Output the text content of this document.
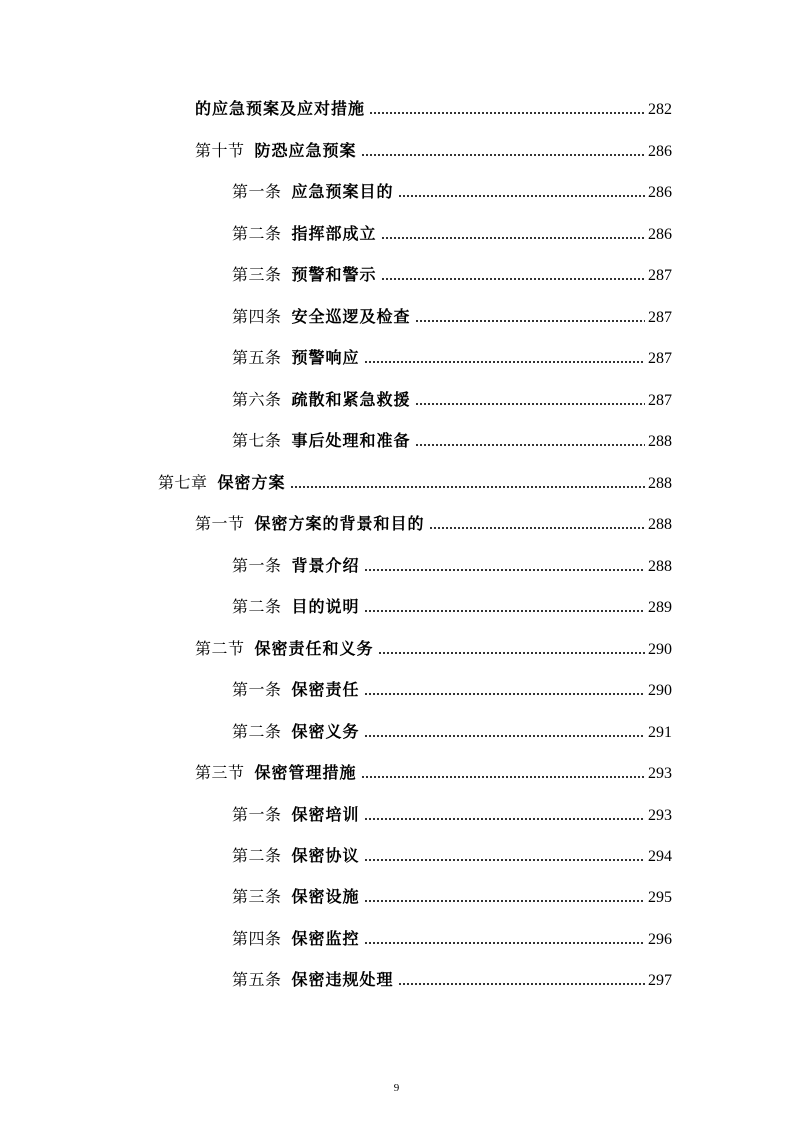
的应急预案及应对措施	282
第十节 防恐应急预案	286
第一条 应急预案目的	286
第二条 指挥部成立	286
第三条 预警和警示	287
第四条 安全巡逻及检查	287
第五条 预警响应	287
第六条 疏散和紧急救援	287
第七条 事后处理和准备	288
第七章 保密方案	288
第一节 保密方案的背景和目的	288
第一条 背景介绍	288
第二条 目的说明	289
第二节 保密责任和义务	290
第一条 保密责任	290
第二条 保密义务	291
第三节 保密管理措施	293
第一条 保密培训	293
第二条 保密协议	294
第三条 保密设施	295
第四条 保密监控	296
第五条 保密违规处理	297
9
